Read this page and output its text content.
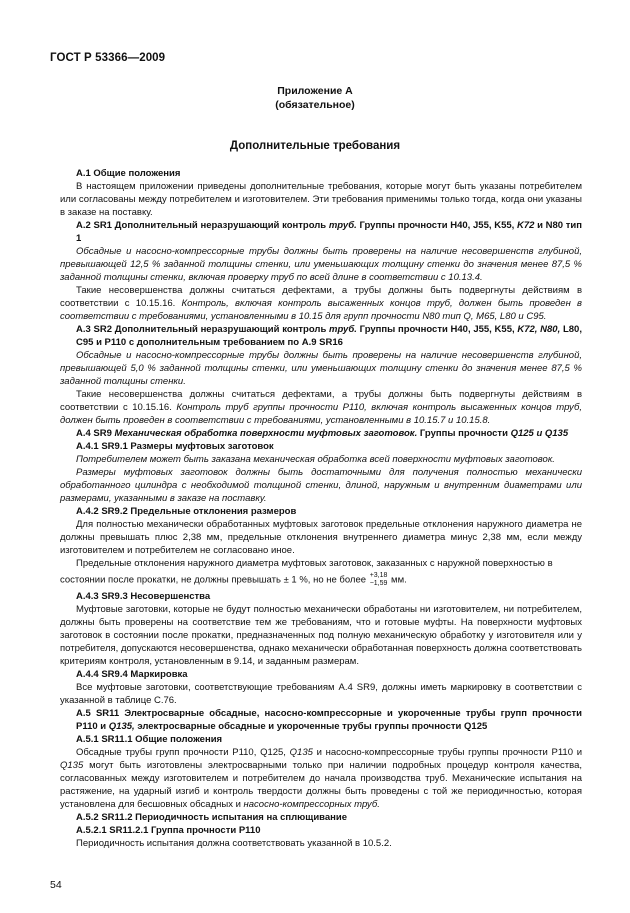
ГОСТ Р 53366—2009
Приложение А
(обязательное)
Дополнительные требования

A.1 Общие положения

В настоящем приложении приведены дополнительные требования, которые могут быть указаны потребителем или согласованы между потребителем и изготовителем. Эти требования применимы только тогда, когда они указаны в заказе на поставку.

A.2 SR1 Дополнительный неразрушающий контроль труб. Группы прочности Н40, J55, K55, K72 и N80 тип 1

Обсадные и насосно-компрессорные трубы должны быть проверены на наличие несовершенств глубиной, превышающей 12,5 % заданной толщины стенки, или уменьшающих толщину стенки до значения менее 87,5 % заданной толщины стенки, включая проверку труб по всей длине в соответствии с 10.13.4.

Такие несовершенства должны считаться дефектами, а трубы должны быть подвергнуты действиям в соответствии с 10.15.16. Контроль, включая контроль высаженных концов труб, должен быть проведен в соответствии с требованиями, установленными в 10.15 для групп прочности N80 тип Q, M65, L80 и C95.

A.3 SR2 Дополнительный неразрушающий контроль труб. Группы прочности Н40, J55, K55, K72, N80, L80, C95 и P110 с дополнительным требованием по A.9 SR16

Обсадные и насосно-компрессорные трубы должны быть проверены на наличие несовершенств глубиной, превышающей 5,0 % заданной толщины стенки, или уменьшающих толщину стенки до значения менее 87,5 % заданной толщины стенки.

Такие несовершенства должны считаться дефектами, а трубы должны быть подвергнуты действиям в соответствии с 10.15.16. Контроль труб группы прочности P110, включая контроль высаженных концов труб, должен быть проведен в соответствии с требованиями, установленными в 10.15.7 и 10.15.8.

A.4 SR9 Механическая обработка поверхности муфтовых заготовок. Группы прочности Q125 и Q135

A.4.1 SR9.1 Размеры муфтовых заготовок

Потребителем может быть заказана механическая обработка всей поверхности муфтовых заготовок.

Размеры муфтовых заготовок должны быть достаточными для получения полностью механически обработанного цилиндра с необходимой толщиной стенки, длиной, наружным и внутренним диаметрами или размерами, указанными в заказе на поставку.

A.4.2 SR9.2 Предельные отклонения размеров

Для полностью механически обработанных муфтовых заготовок предельные отклонения наружного диаметра не должны превышать плюс 2,38 мм, предельные отклонения внутреннего диаметра минус 2,38 мм, если между изготовителем и потребителем не согласовано иное.

Предельные отклонения наружного диаметра муфтовых заготовок, заказанных с наружной поверхностью в

состоянии после прокатки, не должны превышать ± 1 %, но не более +3,18
−1,59 мм.

A.4.3 SR9.3 Несовершенства

Муфтовые заготовки, которые не будут полностью механически обработаны ни изготовителем, ни потребителем, должны быть проверены на соответствие тем же требованиям, что и готовые муфты. На поверхности муфтовых заготовок в состоянии после прокатки, предназначенных под полную механическую обработку у изготовителя или у потребителя, допускаются несовершенства, однако механически обработанная поверхность должна соответствовать критериям контроля, установленным в 9.14, и заданным размерам.

A.4.4 SR9.4 Маркировка

Все муфтовые заготовки, соответствующие требованиям A.4 SR9, должны иметь маркировку в соответствии с указанной в таблице C.76.

A.5 SR11 Электросварные обсадные, насосно-компрессорные и укороченные трубы групп прочности P110 и Q135, электросварные обсадные и укороченные трубы группы прочности Q125

A.5.1 SR11.1 Общие положения

Обсадные трубы групп прочности P110, Q125, Q135 и насосно-компрессорные трубы группы прочности P110 и Q135 могут быть изготовлены электросварными только при наличии подробных процедур контроля качества, согласованных между изготовителем и потребителем до начала производства труб. Механические испытания на растяжение, на ударный изгиб и контроль твердости должны быть проведены с той же периодичностью, которая установлена для бесшовных обсадных и насосно-компрессорных труб.

A.5.2 SR11.2 Периодичность испытания на сплющивание

A.5.2.1 SR11.2.1 Группа прочности P110

Периодичность испытания должна соответствовать указанной в 10.5.2.

54
